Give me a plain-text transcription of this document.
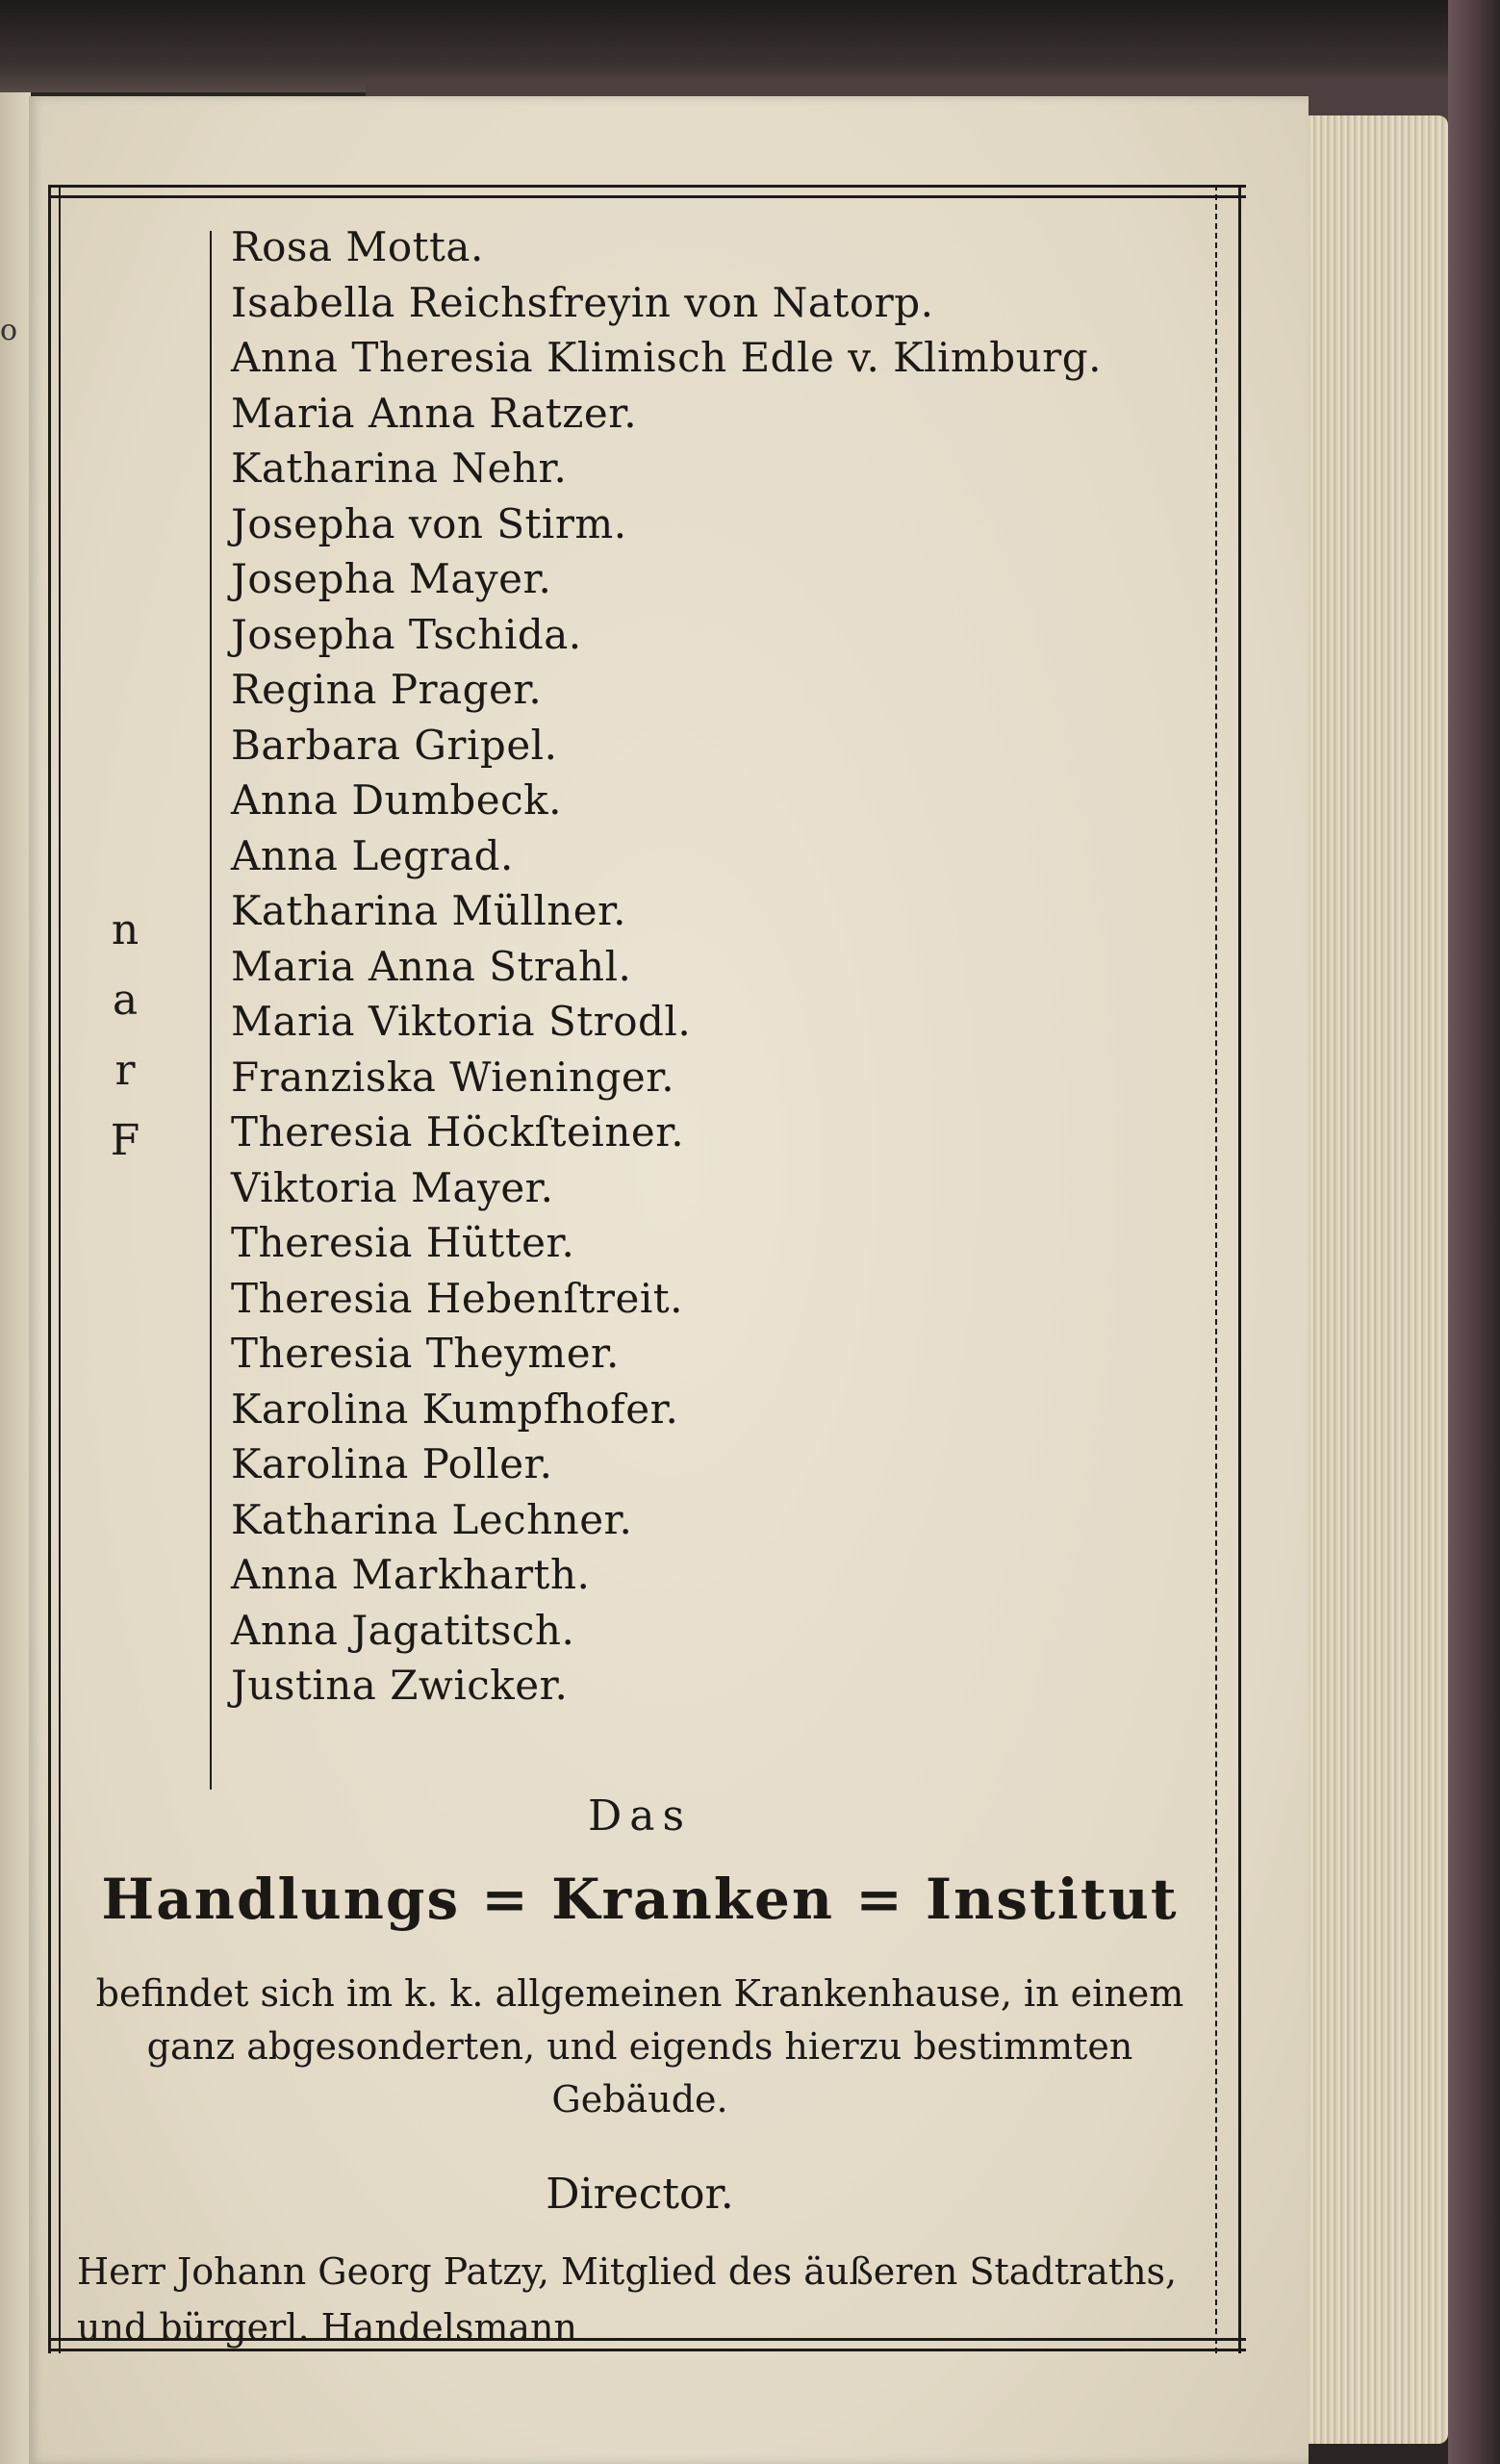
o
n
a
r
F
Rosa Motta.
Isabella Reichsfreyin von Natorp.
Anna Theresia Klimisch Edle v. Klimburg.
Maria Anna Ratzer.
Katharina Nehr.
Josepha von Stirm.
Josepha Mayer.
Josepha Tschida.
Regina Prager.
Barbara Gripel.
Anna Dumbeck.
Anna Legrad.
Katharina Müllner.
Maria Anna Strahl.
Maria Viktoria Strodl.
Franziska Wieninger.
Theresia Höckſteiner.
Viktoria Mayer.
Theresia Hütter.
Theresia Hebenſtreit.
Theresia Theymer.
Karolina Kumpfhofer.
Karolina Poller.
Katharina Lechner.
Anna Markharth.
Anna Jagatitsch.
Justina Zwicker.
Das
Handlungs = Kranken = Institut
befindet sich im k. k. allgemeinen Krankenhause, in einem ganz abgesonderten, und eigends hierzu bestimmten Gebäude.
Director.
Herr Johann Georg Patzy, Mitglied des äußeren Stadtraths, und bürgerl. Handelsmann
